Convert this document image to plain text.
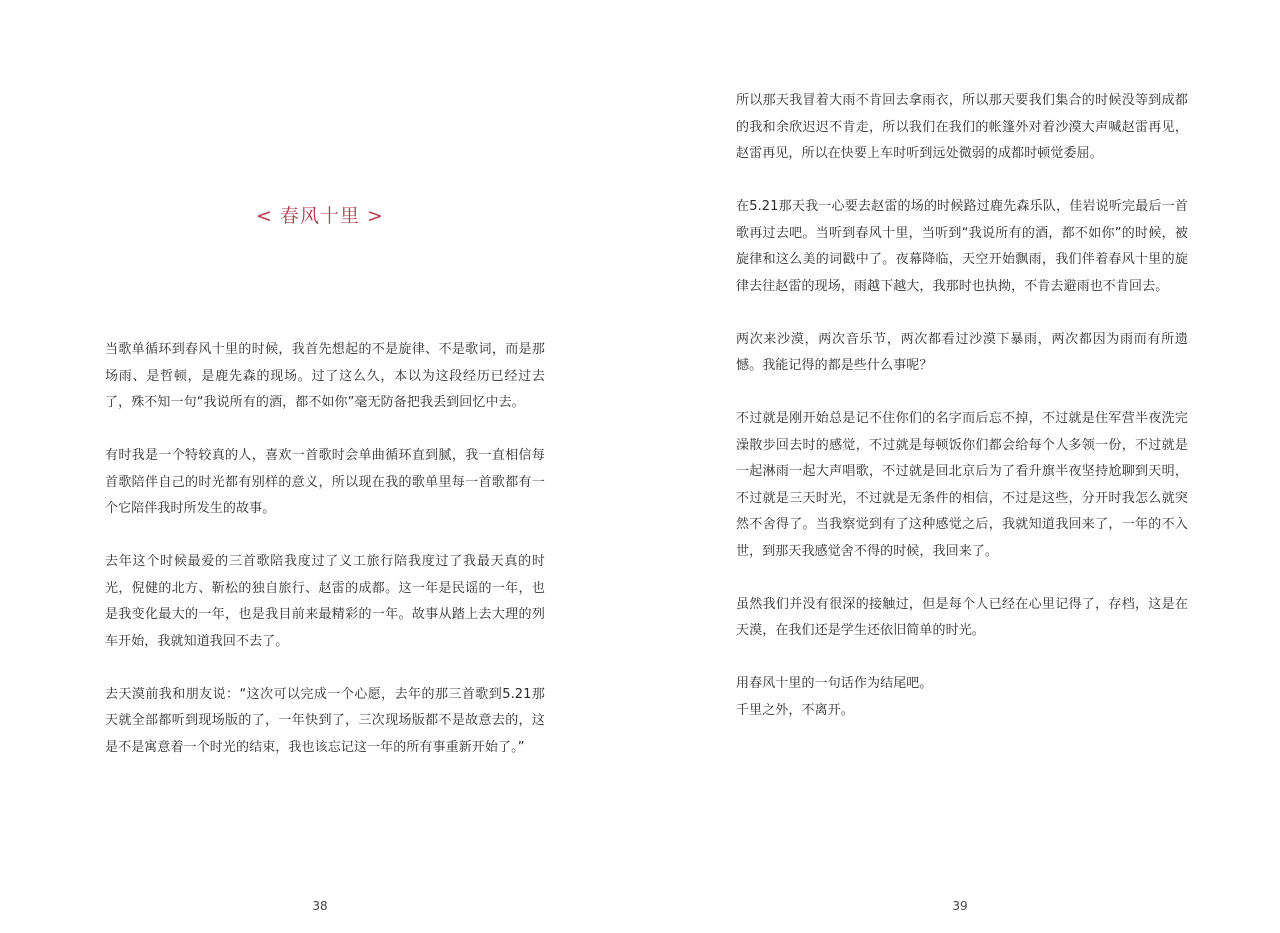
< 春风十里 >

当歌单循环到春风十里的时候，我首先想起的不是旋律、不是歌词，而是那场雨、是哲顿，是鹿先森的现场。过了这么久，本以为这段经历已经过去了，殊不知一句“我说所有的酒，都不如你”毫无防备把我丢到回忆中去。

有时我是一个特较真的人，喜欢一首歌时会单曲循环直到腻，我一直相信每首歌陪伴自己的时光都有别样的意义，所以现在我的歌单里每一首歌都有一个它陪伴我时所发生的故事。

去年这个时候最爱的三首歌陪我度过了义工旅行陪我度过了我最天真的时光，倪健的北方、靳松的独自旅行、赵雷的成都。这一年是民谣的一年，也是我变化最大的一年，也是我目前来最精彩的一年。故事从踏上去大理的列车开始，我就知道我回不去了。

去天漠前我和朋友说：“这次可以完成一个心愿，去年的那三首歌到5.21那天就全部都听到现场版的了，一年快到了，三次现场版都不是故意去的，这是不是寓意着一个时光的结束，我也该忘记这一年的所有事重新开始了。”

38

所以那天我冒着大雨不肯回去拿雨衣，所以那天要我们集合的时候没等到成都的我和余欣迟迟不肯走，所以我们在我们的帐篷外对着沙漠大声喊赵雷再见，赵雷再见，所以在快要上车时听到远处微弱的成都时顿觉委屈。

在5.21那天我一心要去赵雷的场的时候路过鹿先森乐队，佳岩说听完最后一首歌再过去吧。当听到春风十里，当听到“我说所有的酒，都不如你”的时候，被旋律和这么美的词戳中了。夜幕降临，天空开始飘雨，我们伴着春风十里的旋律去往赵雷的现场，雨越下越大，我那时也执拗，不肯去避雨也不肯回去。

两次来沙漠，两次音乐节，两次都看过沙漠下暴雨，两次都因为雨而有所遗憾。我能记得的都是些什么事呢？

不过就是刚开始总是记不住你们的名字而后忘不掉，不过就是住军营半夜洗完澡散步回去时的感觉，不过就是每顿饭你们都会给每个人多领一份，不过就是一起淋雨一起大声唱歌，不过就是回北京后为了看升旗半夜坚持尬聊到天明，不过就是三天时光，不过就是无条件的相信，不过是这些，分开时我怎么就突然不舍得了。当我察觉到有了这种感觉之后，我就知道我回来了，一年的不入世，到那天我感觉舍不得的时候，我回来了。

虽然我们并没有很深的接触过，但是每个人已经在心里记得了，存档，这是在天漠，在我们还是学生还依旧简单的时光。

用春风十里的一句话作为结尾吧。

千里之外，不离开。

39
